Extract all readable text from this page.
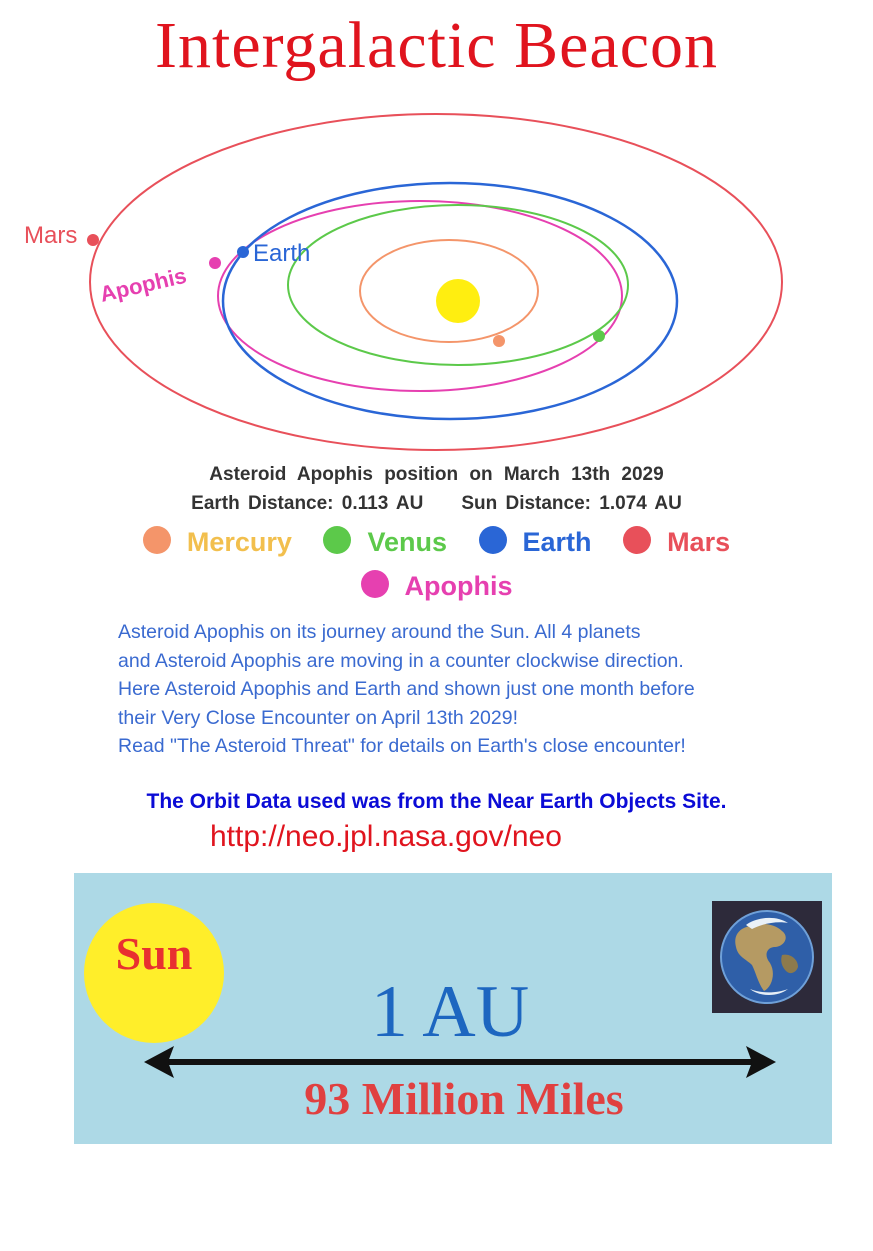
Intergalactic Beacon
Mars
Apophis
Earth
Asteroid Apophis position on March 13th 2029
Earth Distance: 0.113 AU Sun Distance: 1.074 AU
Mercury	Venus	Earth	Mars
Apophis
Asteroid Apophis on its journey around the Sun. All 4 planets
and Asteroid Apophis are moving in a counter clockwise direction.
Here Asteroid Apophis and Earth and shown just one month before
their Very Close Encounter on April 13th 2029!
Read "The Asteroid Threat" for details on Earth's close encounter!
The Orbit Data used was from the Near Earth Objects Site.
http://neo.jpl.nasa.gov/neo
Sun
1 AU
93 Million Miles
